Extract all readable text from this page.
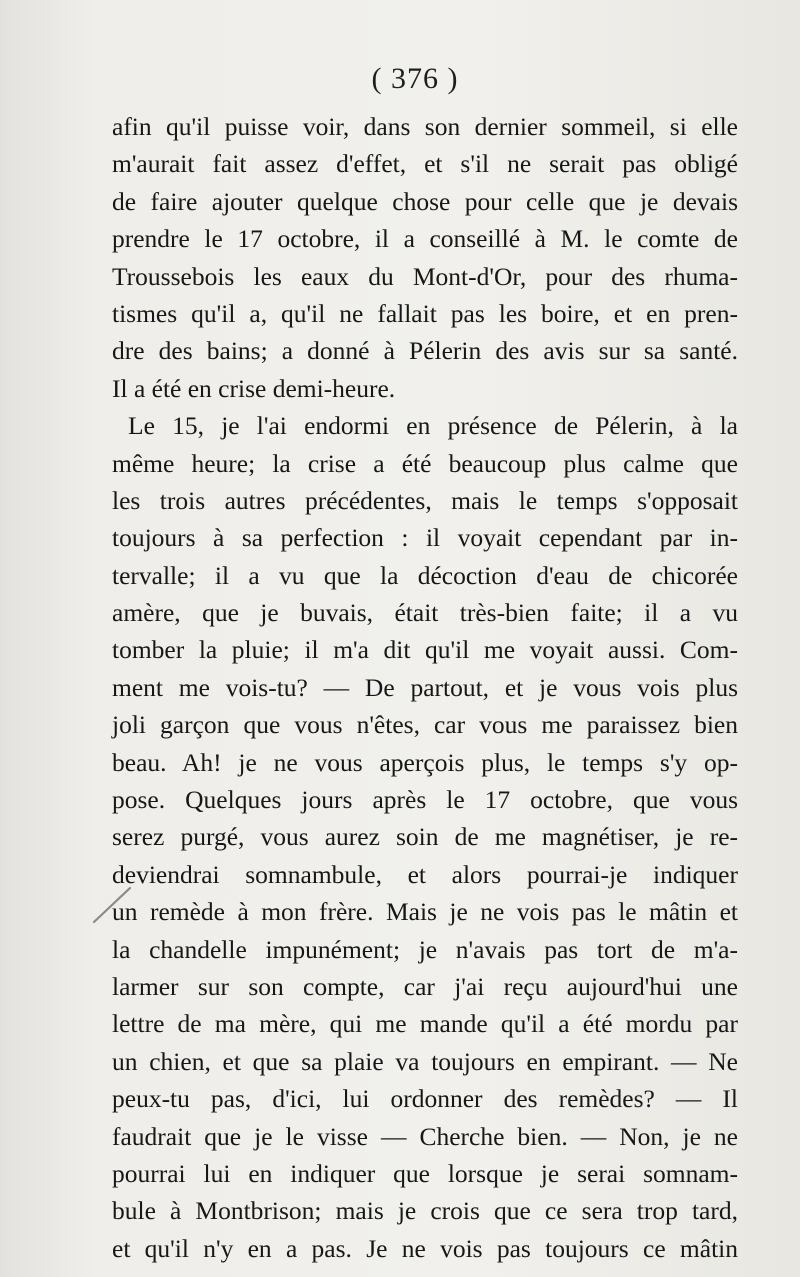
( 376 )
afin qu'il puisse voir, dans son dernier sommeil, si elle
m'aurait fait assez d'effet, et s'il ne serait pas obligé
de faire ajouter quelque chose pour celle que je devais
prendre le 17 octobre, il a conseillé à M. le comte de
Troussebois les eaux du Mont-d'Or, pour des rhuma-
tismes qu'il a, qu'il ne fallait pas les boire, et en pren-
dre des bains; a donné à Pélerin des avis sur sa santé.
Il a été en crise demi-heure.
Le 15, je l'ai endormi en présence de Pélerin, à la
même heure; la crise a été beaucoup plus calme que
les trois autres précédentes, mais le temps s'opposait
toujours à sa perfection : il voyait cependant par in-
tervalle; il a vu que la décoction d'eau de chicorée
amère, que je buvais, était très-bien faite; il a vu
tomber la pluie; il m'a dit qu'il me voyait aussi. Com-
ment me vois-tu? — De partout, et je vous vois plus
joli garçon que vous n'êtes, car vous me paraissez bien
beau. Ah! je ne vous aperçois plus, le temps s'y op-
pose. Quelques jours après le 17 octobre, que vous
serez purgé, vous aurez soin de me magnétiser, je re-
deviendrai somnambule, et alors pourrai-je indiquer
un remède à mon frère. Mais je ne vois pas le mâtin et
la chandelle impunément; je n'avais pas tort de m'a-
larmer sur son compte, car j'ai reçu aujourd'hui une
lettre de ma mère, qui me mande qu'il a été mordu par
un chien, et que sa plaie va toujours en empirant. — Ne
peux-tu pas, d'ici, lui ordonner des remèdes? — Il
faudrait que je le visse — Cherche bien. — Non, je ne
pourrai lui en indiquer que lorsque je serai somnam-
bule à Montbrison; mais je crois que ce sera trop tard,
et qu'il n'y en a pas. Je ne vois pas toujours ce mâtin
